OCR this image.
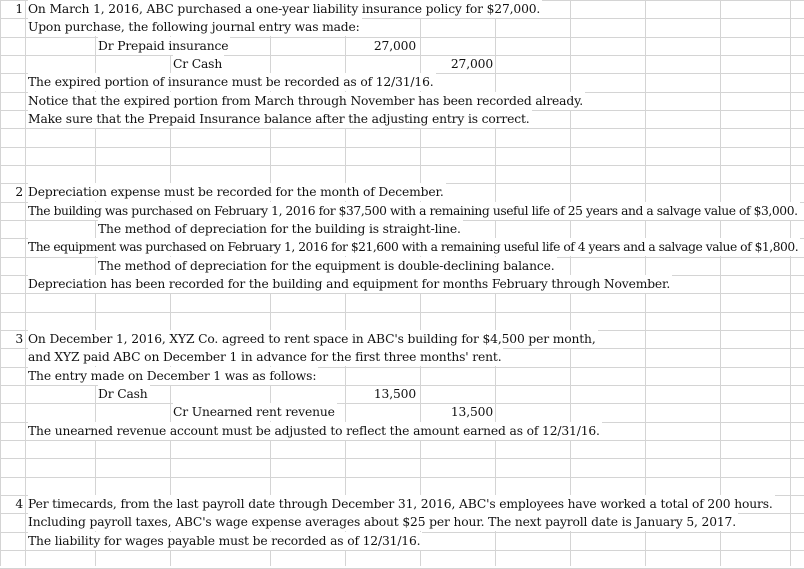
1 On March 1, 2016, ABC purchased a one-year liability insurance policy for $27,000.
Upon purchase, the following journal entry was made:
Dr Prepaid insurance	27,000
Cr Cash	27,000
The expired portion of insurance must be recorded as of 12/31/16.
Notice that the expired portion from March through November has been recorded already.
Make sure that the Prepaid Insurance balance after the adjusting entry is correct.
2 Depreciation expense must be recorded for the month of December.
The building was purchased on February 1, 2016 for $37,500 with a remaining useful life of 25 years and a salvage value of $3,000.
The method of depreciation for the building is straight-line.
The equipment was purchased on February 1, 2016 for $21,600 with a remaining useful life of 4 years and a salvage value of $1,800.
The method of depreciation for the equipment is double-declining balance.
Depreciation has been recorded for the building and equipment for months February through November.
3 On December 1, 2016, XYZ Co. agreed to rent space in ABC's building for $4,500 per month,
and XYZ paid ABC on December 1 in advance for the first three months' rent.
The entry made on December 1 was as follows:
Dr Cash	13,500
Cr Unearned rent revenue	13,500
The unearned revenue account must be adjusted to reflect the amount earned as of 12/31/16.
4 Per timecards, from the last payroll date through December 31, 2016, ABC's employees have worked a total of 200 hours.
Including payroll taxes, ABC's wage expense averages about $25 per hour. The next payroll date is January 5, 2017.
The liability for wages payable must be recorded as of 12/31/16.
